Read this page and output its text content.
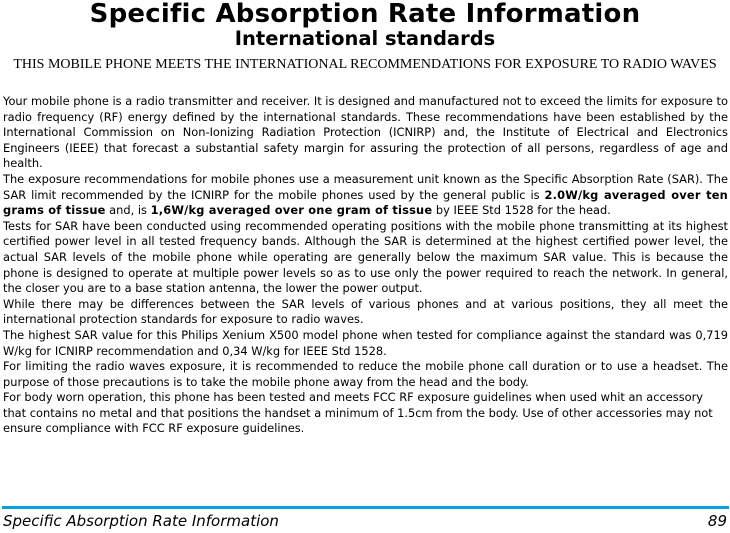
Specific Absorption Rate Information
International standards
THIS MOBILE PHONE MEETS THE INTERNATIONAL RECOMMENDATIONS FOR EXPOSURE TO RADIO WAVES

Your mobile phone is a radio transmitter and receiver. It is designed and manufactured not to exceed the limits for exposure to radio frequency (RF) energy defined by the international standards. These recommendations have been established by the International Commission on Non-Ionizing Radiation Protection (ICNIRP) and, the Institute of Electrical and Electronics Engineers (IEEE) that forecast a substantial safety margin for assuring the protection of all persons, regardless of age and health.

The exposure recommendations for mobile phones use a measurement unit known as the Specific Absorption Rate (SAR). The SAR limit recommended by the ICNIRP for the mobile phones used by the general public is 2.0W/kg averaged over ten grams of tissue and, is 1,6W/kg averaged over one gram of tissue by IEEE Std 1528 for the head.

Tests for SAR have been conducted using recommended operating positions with the mobile phone transmitting at its highest certified power level in all tested frequency bands. Although the SAR is determined at the highest certified power level, the actual SAR levels of the mobile phone while operating are generally below the maximum SAR value. This is because the phone is designed to operate at multiple power levels so as to use only the power required to reach the network. In general, the closer you are to a base station antenna, the lower the power output.

While there may be differences between the SAR levels of various phones and at various positions, they all meet the international protection standards for exposure to radio waves.

The highest SAR value for this Philips Xenium X500 model phone when tested for compliance against the standard was 0,719 W/kg for ICNIRP recommendation and 0,34 W/kg for IEEE Std 1528.

For limiting the radio waves exposure, it is recommended to reduce the mobile phone call duration or to use a headset. The purpose of those precautions is to take the mobile phone away from the head and the body.

For body worn operation, this phone has been tested and meets FCC RF exposure guidelines when used whit an accessory that contains no metal and that positions the handset a minimum of 1.5cm from the body. Use of other accessories may not ensure compliance with FCC RF exposure guidelines.

Specific Absorption Rate Information	89
